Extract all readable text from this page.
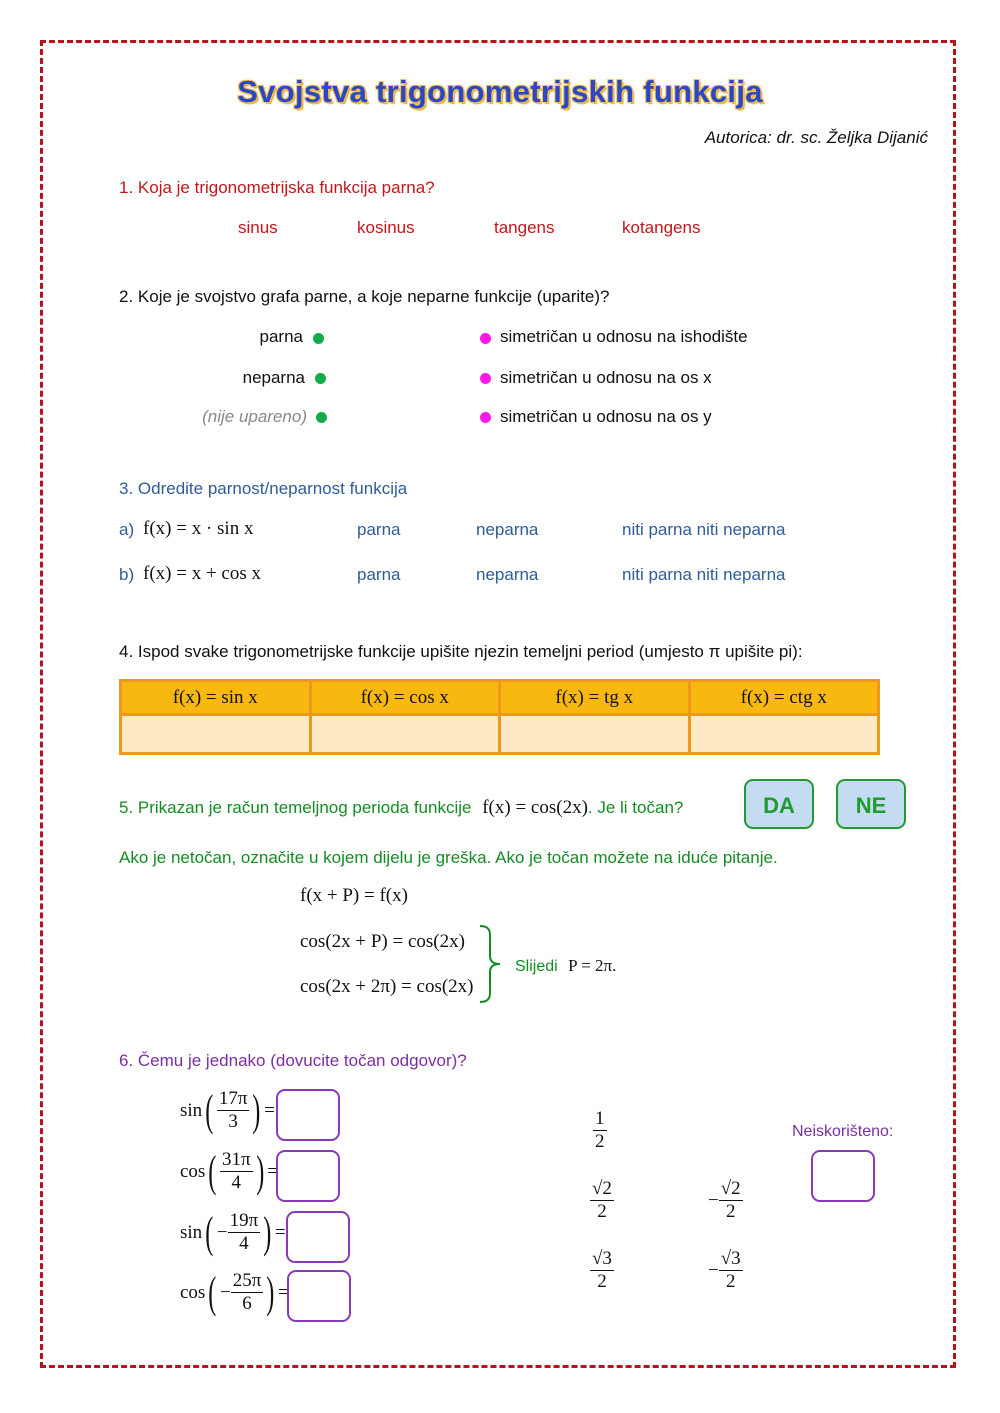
Svojstva trigonometrijskih funkcija
Autorica: dr. sc. Željka Dijanić
1. Koja je trigonometrijska funkcija parna?
sinus	kosinus	tangens	kotangens
2. Koje je svojstvo grafa parne, a koje neparne funkcije (uparite)?
parna
neparna
(nije upareno)
simetričan u odnosu na ishodište
simetričan u odnosu na os x
simetričan u odnosu na os y
3. Odredite parnost/neparnost funkcija
a) f(x) = x · sin x	parna	neparna	niti parna niti neparna
b) f(x) = x + cos x	parna	neparna	niti parna niti neparna
4. Ispod svake trigonometrijske funkcije upišite njezin temeljni period (umjesto π upišite pi):
f(x) = sin x	f(x) = cos x	f(x) = tg x	f(x) = ctg x

5. Prikazan je račun temeljnog perioda funkcije f(x) = cos(2x). Je li točan?	DA	NE
Ako je netočan, označite u kojem dijelu je greška. Ako je točan možete na iduće pitanje.
f(x + P) = f(x)
cos(2x + P) = cos(2x)
cos(2x + 2π) = cos(2x)
Slijedi P = 2π.
6. Čemu je jednako (dovucite točan odgovor)?
$\sin( \frac{17\pi}{3}$ ) =
$\cos( \frac{31\pi}{4}$ ) =
$\sin( - \frac{19\pi}{4}$ ) =
$\cos( - \frac{25\pi}{6}$ ) =
$\frac{1}{2}$
$\frac{√2}{2}$	− $\frac{√2}{2}$
$\frac{√3}{2}$	− $\frac{√3}{2}$
Neiskorišteno:
